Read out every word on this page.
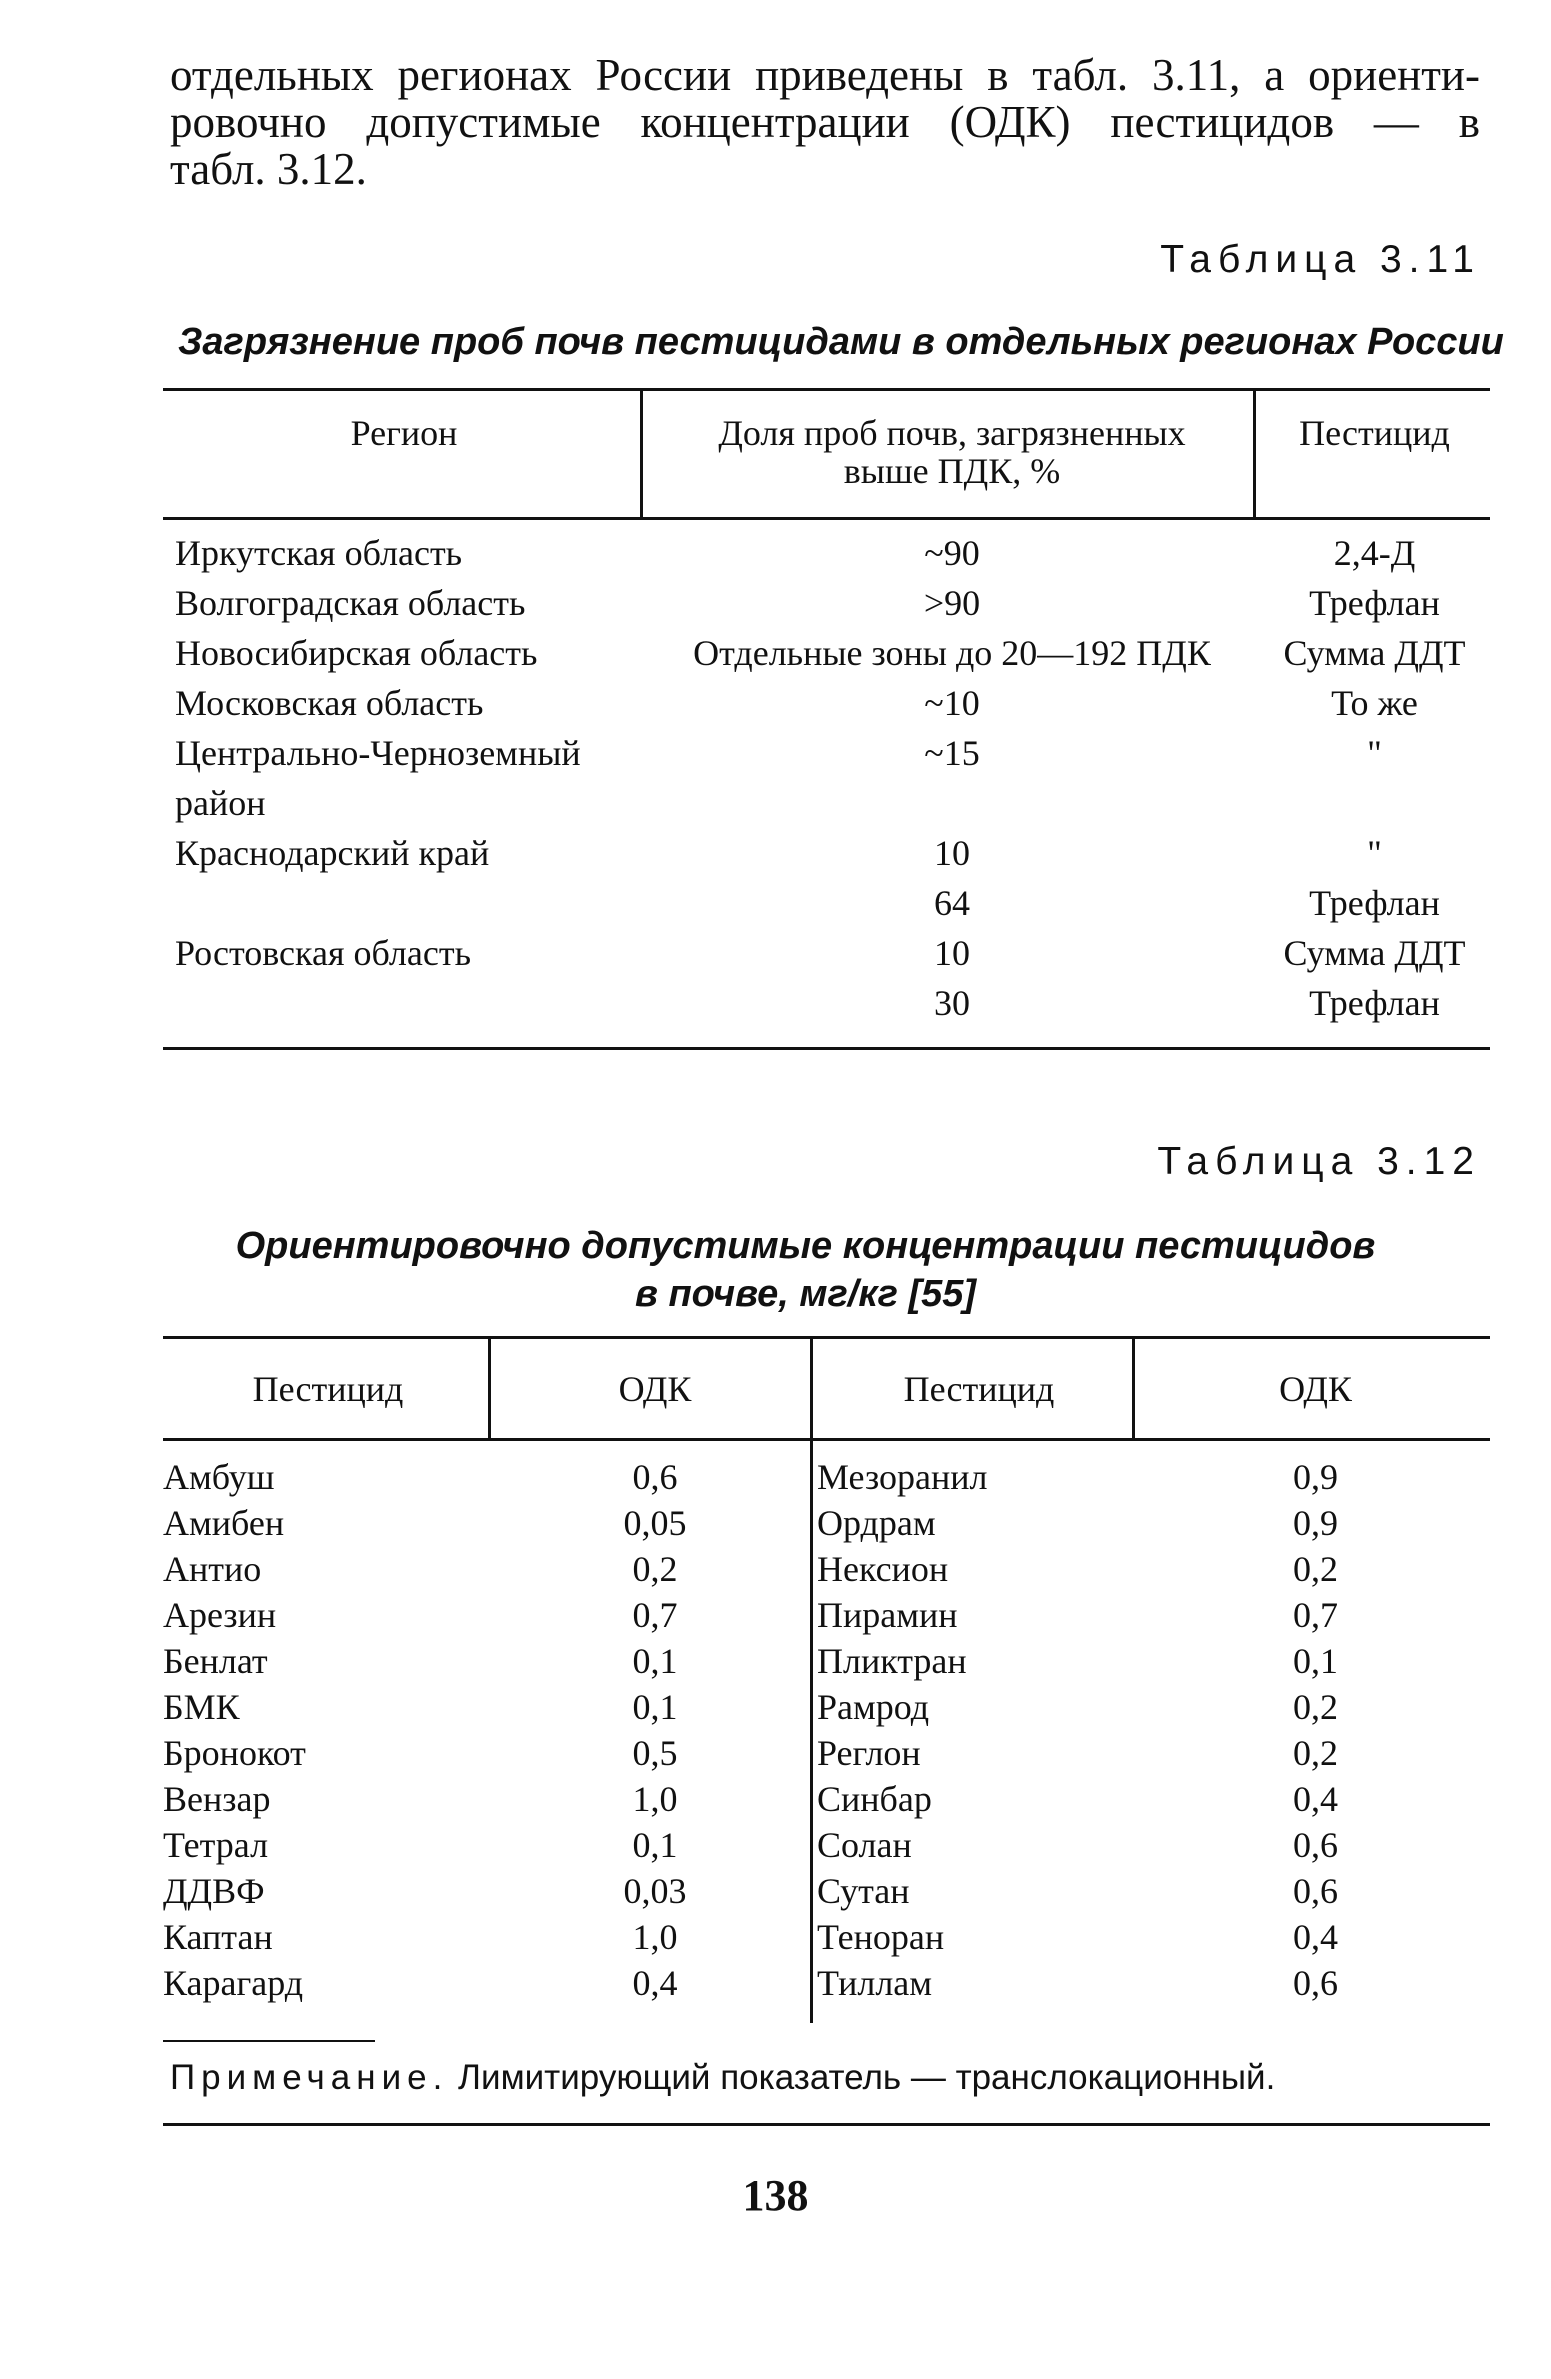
отдельных регионах России приведены в табл. 3.11, а ориенти-

ровочно допустимые концентрации (ОДК) пестицидов — в

табл. 3.12.

Таблица 3.11
Загрязнение проб почв пестицидами в отдельных регионах России
Регион	Доля проб почв, загрязненных выше ПДК, %	Пестицид

Иркутская область	~90	2,4-Д
Волгоградская область	>90	Трефлан
Новосибирская область	Отдельные зоны до 20—192 ПДК	Сумма ДДТ
Московская область	~10	То же
Центрально-Черноземный	~15	"
район		
Краснодарский край	10	"
	64	Трефлан
Ростовская область	10	Сумма ДДТ
	30	Трефлан
Таблица 3.12
Ориентировочно допустимые концентрации пестицидов
в почве, мг/кг [55]
Пестицид	ОДК	Пестицид	ОДК

Амбуш	0,6	Мезоранил	0,9
Амибен	0,05	Ордрам	0,9
Антио	0,2	Нексион	0,2
Арезин	0,7	Пирамин	0,7
Бенлат	0,1	Пликтран	0,1
БМК	0,1	Рамрод	0,2
Бронокот	0,5	Реглон	0,2
Вензар	1,0	Синбар	0,4
Тетрал	0,1	Солан	0,6
ДДВФ	0,03	Сутан	0,6
Каптан	1,0	Теноран	0,4
Карагард	0,4	Тиллам	0,6
Примечание. Лимитирующий показатель — транслокационный.
138
